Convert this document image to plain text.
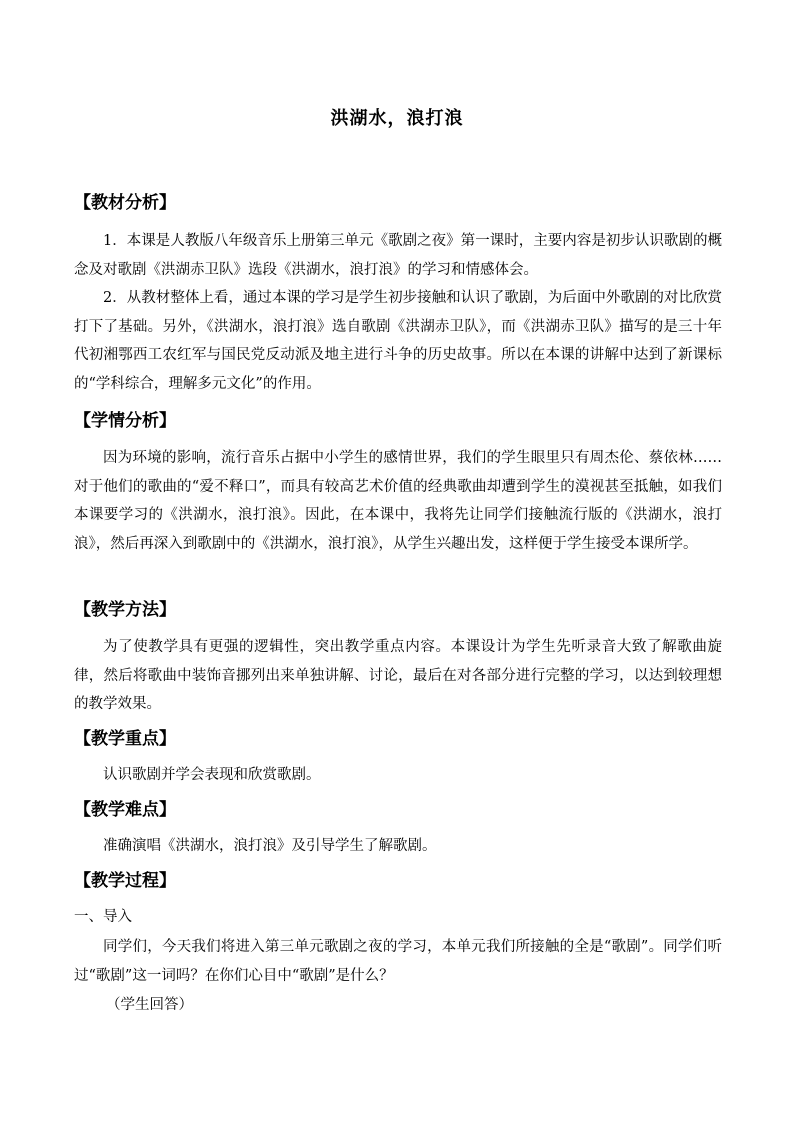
洪湖水，浪打浪
【教材分析】

1．本课是人教版八年级音乐上册第三单元《歌剧之夜》第一课时，主要内容是初步认识歌剧的概念及对歌剧《洪湖赤卫队》选段《洪湖水，浪打浪》的学习和情感体会。

2．从教材整体上看，通过本课的学习是学生初步接触和认识了歌剧，为后面中外歌剧的对比欣赏打下了基础。另外，《洪湖水，浪打浪》选自歌剧《洪湖赤卫队》，而《洪湖赤卫队》描写的是三十年代初湘鄂西工农红军与国民党反动派及地主进行斗争的历史故事。所以在本课的讲解中达到了新课标的“学科综合，理解多元文化”的作用。

【学情分析】

因为环境的影响，流行音乐占据中小学生的感情世界，我们的学生眼里只有周杰伦、蔡依林……对于他们的歌曲的“爱不释口”，而具有较高艺术价值的经典歌曲却遭到学生的漠视甚至抵触，如我们本课要学习的《洪湖水，浪打浪》。因此，在本课中，我将先让同学们接触流行版的《洪湖水，浪打浪》，然后再深入到歌剧中的《洪湖水，浪打浪》，从学生兴趣出发，这样便于学生接受本课所学。

【教学方法】

为了使教学具有更强的逻辑性，突出教学重点内容。本课设计为学生先听录音大致了解歌曲旋律，然后将歌曲中装饰音挪列出来单独讲解、讨论，最后在对各部分进行完整的学习，以达到较理想的教学效果。

【教学重点】

认识歌剧并学会表现和欣赏歌剧。

【教学难点】

准确演唱《洪湖水，浪打浪》及引导学生了解歌剧。

【教学过程】

一、导入

同学们，今天我们将进入第三单元歌剧之夜的学习，本单元我们所接触的全是“歌剧”。同学们听过“歌剧”这一词吗？在你们心目中“歌剧”是什么？

（学生回答）
